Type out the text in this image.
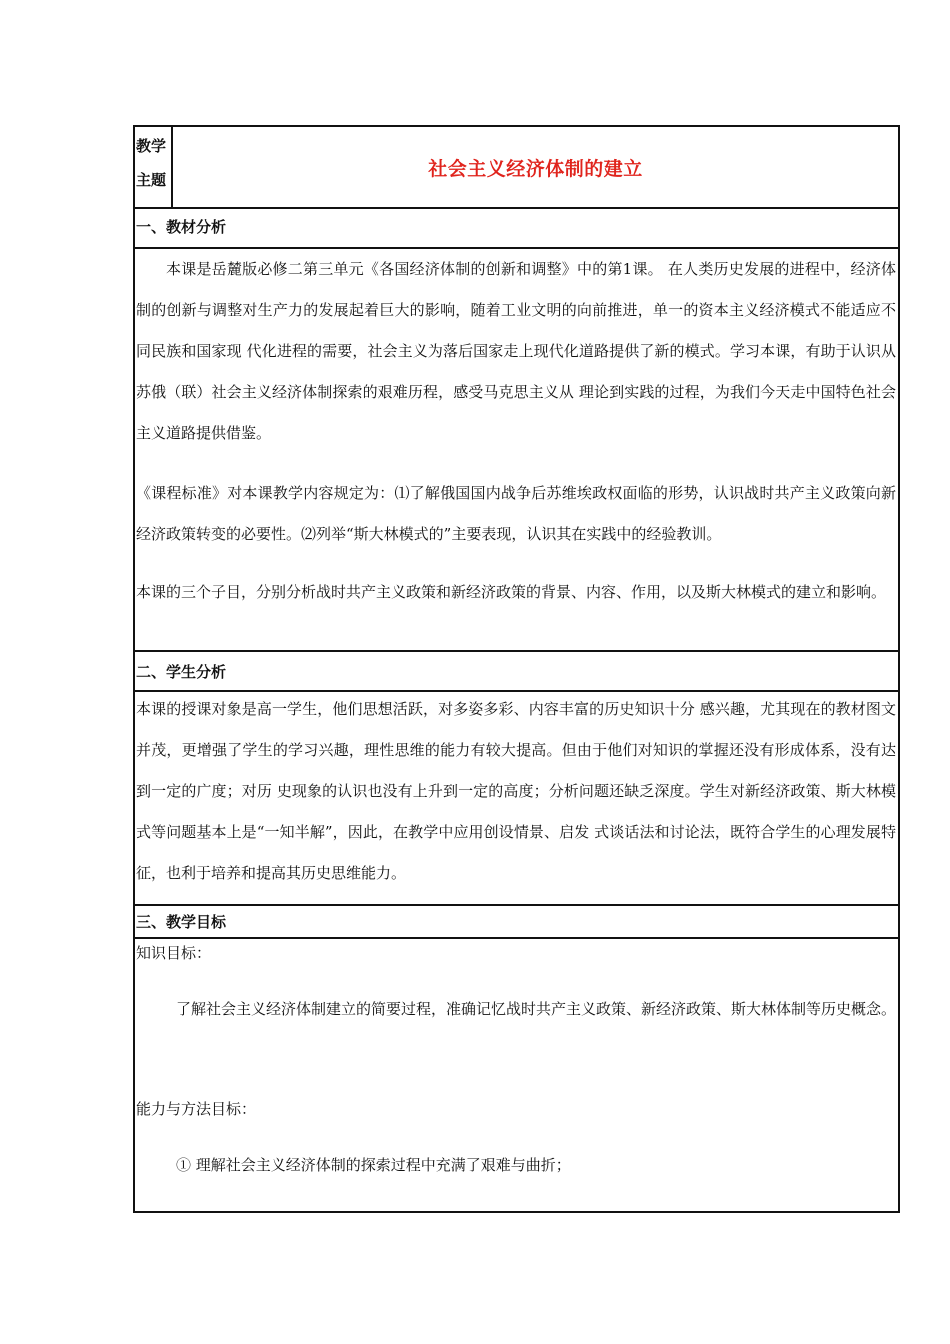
教学
主题	社会主义经济体制的建立
一、教材分析
本课是岳麓版必修二第三单元《各国经济体制的创新和调整》中的第1课。 在人类历史发展的进程中，经济体制的创新与调整对生产力的发展起着巨大的影响，随着工业文明的向前推进，单一的资本主义经济模式不能适应不同民族和国家现 代化进程的需要，社会主义为落后国家走上现代化道路提供了新的模式。学习本课，有助于认识从苏俄（联）社会主义经济体制探索的艰难历程，感受马克思主义从 理论到实践的过程，为我们今天走中国特色社会主义道路提供借鉴。
《课程标准》对本课教学内容规定为：⑴了解俄国国内战争后苏维埃政权面临的形势，认识战时共产主义政策向新经济政策转变的必要性。⑵列举“斯大林模式的”主要表现，认识其在实践中的经验教训。
本课的三个子目，分别分析战时共产主义政策和新经济政策的背景、内容、作用，以及斯大林模式的建立和影响。
二、学生分析
本课的授课对象是高一学生，他们思想活跃，对多姿多彩、内容丰富的历史知识十分 感兴趣，尤其现在的教材图文并茂，更增强了学生的学习兴趣，理性思维的能力有较大提高。但由于他们对知识的掌握还没有形成体系，没有达到一定的广度；对历 史现象的认识也没有上升到一定的高度；分析问题还缺乏深度。学生对新经济政策、斯大林模式等问题基本上是“一知半解”，因此，在教学中应用创设情景、启发 式谈话法和讨论法，既符合学生的心理发展特征，也利于培养和提高其历史思维能力。
三、教学目标
知识目标：
了解社会主义经济体制建立的简要过程，准确记忆战时共产主义政策、新经济政策、斯大林体制等历史概念。
能力与方法目标：
① 理解社会主义经济体制的探索过程中充满了艰难与曲折；
